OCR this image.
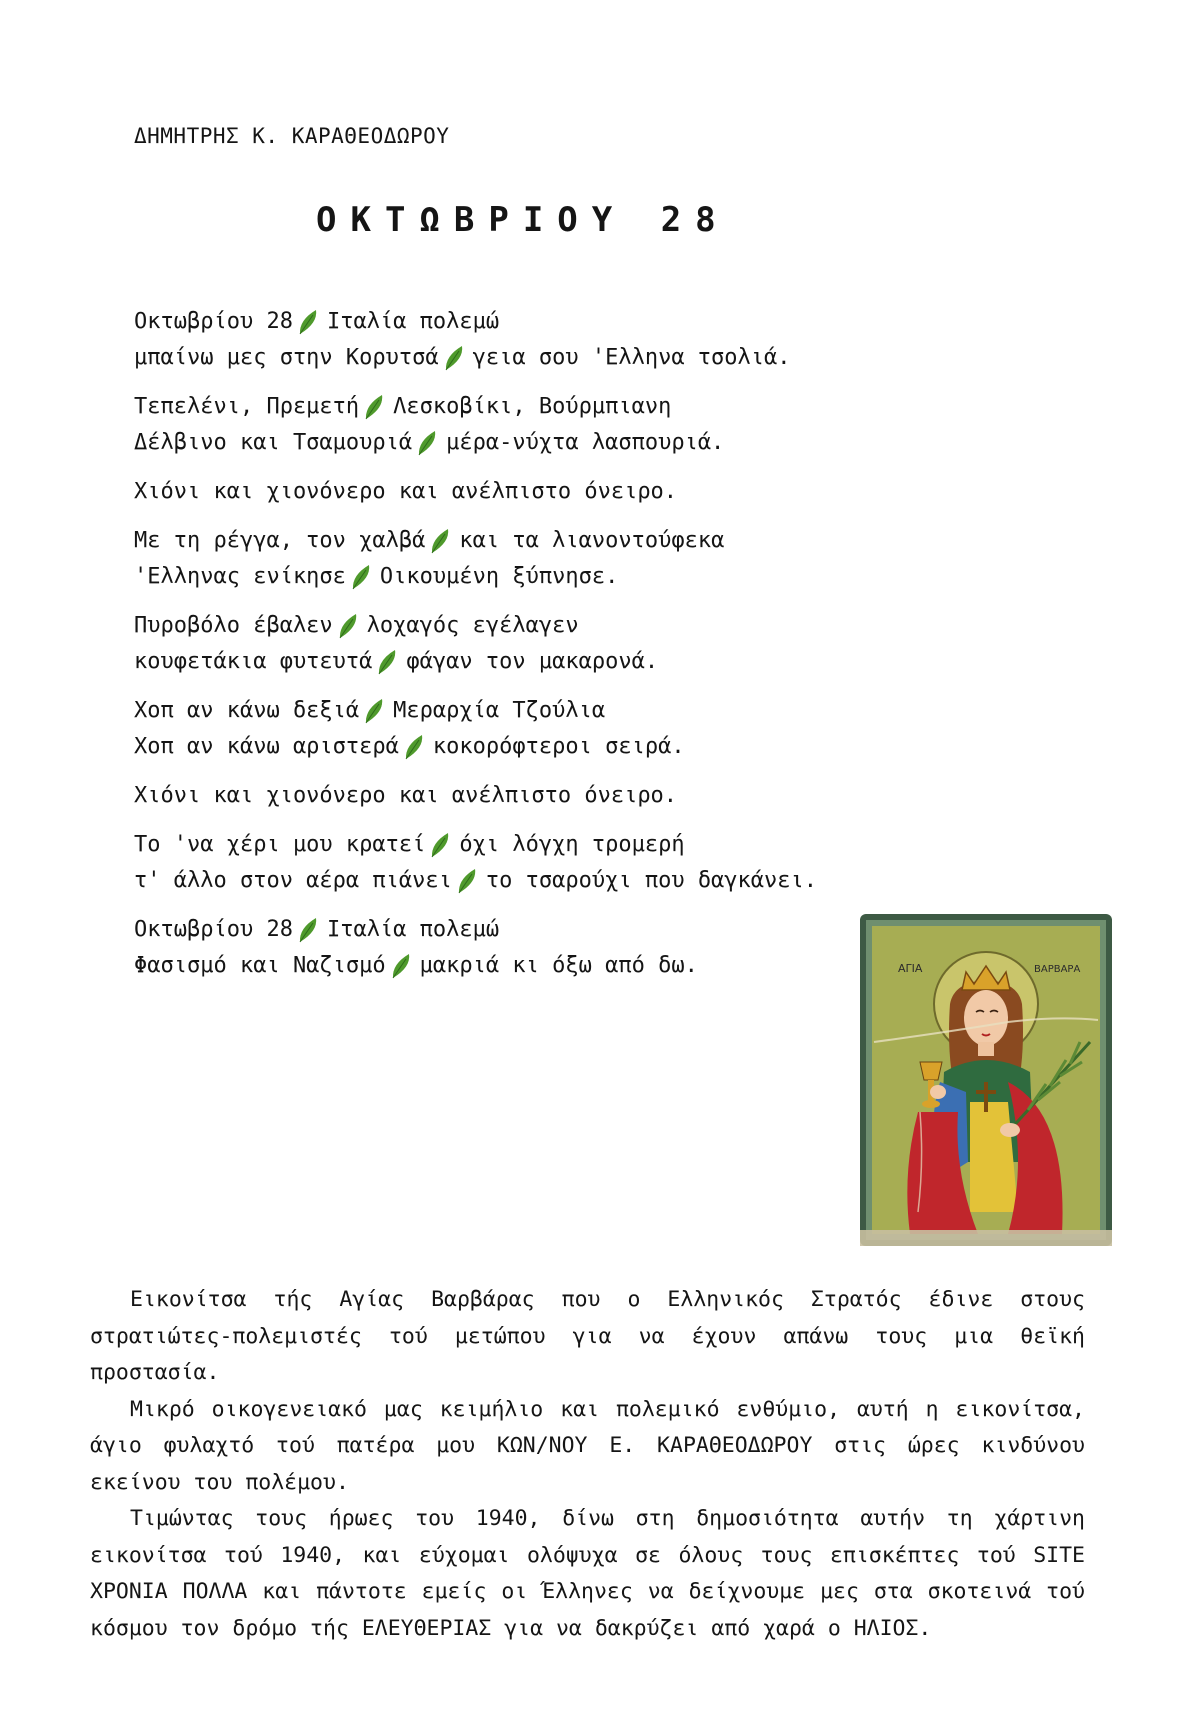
ΔΗΜΗΤΡΗΣ Κ. ΚΑΡΑΘΕΟΔΩΡΟΥ
ΟΚΤΩΒΡΙΟΥ 28
Οκτωβρίου 28 Ιταλία πολεμώ
μπαίνω μες στην Κορυτσά γεια σου 'Ελληνα τσολιά.
Τεπελένι, Πρεμετή Λεσκοβίκι, Βούρμπιανη
Δέλβινο και Τσαμουριά μέρα-νύχτα λασπουριά.
Χιόνι και χιονόνερο και ανέλπιστο όνειρο.
Με τη ρέγγα, τον χαλβά και τα λιανοντούφεκα
'Ελληνας ενίκησε Οικουμένη ξύπνησε.
Πυροβόλο έβαλεν λοχαγός εγέλαγεν
κουφετάκια φυτευτά φάγαν τον μακαρονά.
Χοπ αν κάνω δεξιά Μεραρχία Τζούλια
Χοπ αν κάνω αριστερά κοκορόφτεροι σειρά.
Χιόνι και χιονόνερο και ανέλπιστο όνειρο.
Το 'να χέρι μου κρατεί όχι λόγχη τρομερή
τ' άλλο στον αέρα πιάνει το τσαρούχι που δαγκάνει.
Οκτωβρίου 28 Ιταλία πολεμώ
Φασισμό και Ναζισμό μακριά κι όξω από δω.	ΑΓΙΑ	ΒΑΡΒΑΡΑ

Εικονίτσα τής Αγίας Βαρβάρας που ο Ελληνικός Στρατός έδινε στους στρατιώτες-πολεμιστές τού μετώπου για να έχουν απάνω τους μια θεϊκή προστασία.

Μικρό οικογενειακό μας κειμήλιο και πολεμικό ενθύμιο, αυτή η εικονίτσα, άγιο φυλαχτό τού πατέρα μου ΚΩΝ/ΝΟΥ Ε. ΚΑΡΑΘΕΟΔΩΡΟΥ στις ώρες κινδύνου εκείνου του πολέμου.

Τιμώντας τους ήρωες του 1940, δίνω στη δημοσιότητα αυτήν τη χάρτινη εικονίτσα τού 1940, και εύχομαι ολόψυχα σε όλους τους επισκέπτες τού SITE ΧΡΟΝΙΑ ΠΟΛΛΑ και πάντοτε εμείς οι Έλληνες να δείχνουμε μες στα σκοτεινά τού κόσμου τον δρόμο τής ΕΛΕΥΘΕΡΙΑΣ για να δακρύζει από χαρά ο ΗΛΙΟΣ.
